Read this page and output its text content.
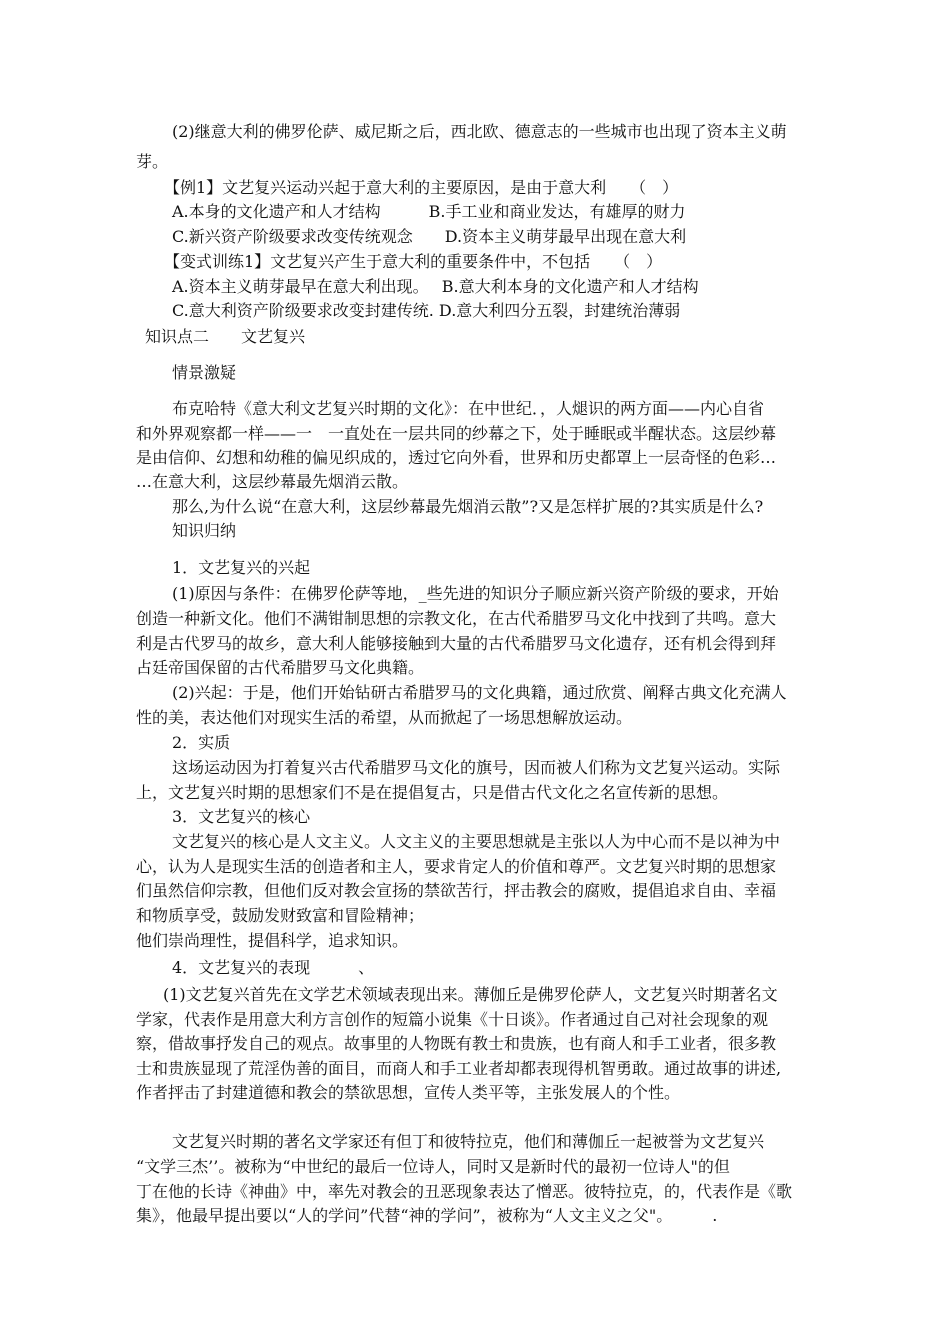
(2)继意大利的佛罗伦萨、威尼斯之后，西北欧、德意志的一些城市也出现了资本主义萌
芽。
【例1】文艺复兴运动兴起于意大利的主要原因，是由于意大利　　（　）
A.本身的文化遗产和人才结构　　　B.手工业和商业发达，有雄厚的财力
C.新兴资产阶级要求改变传统观念　　D.资本主义萌芽最早出现在意大利
【变式训练1】文艺复兴产生于意大利的重要条件中，不包括　　（　）
A.资本主义萌芽最早在意大利出现。　 B.意大利本身的文化遗产和人才结构
C.意大利资产阶级要求改变封建传统. D.意大利四分五裂，封建统治薄弱
知识点二　　文艺复兴
情景激疑
布克哈特《意大利文艺复兴时期的文化》：在中世纪．，人煺识的两方面——内心自省
和外界观察都一样——一　一直处在一层共同的纱幕之下，处于睡眠或半醒状态。这层纱幕
是由信仰、幻想和幼稚的偏见织成的，透过它向外看，世界和历史都罩上一层奇怪的色彩…
…在意大利，这层纱幕最先烟消云散。
那么,为什么说“在意大利，这层纱幕最先烟消云散”?又是怎样扩展的?其实质是什么?
知识归纳
1．文艺复兴的兴起
(1)原因与条件：在佛罗伦萨等地，_些先进的知识分子顺应新兴资产阶级的要求，开始
创造一种新文化。他们不满钳制思想的宗教文化，在古代希腊罗马文化中找到了共鸣。意大
利是古代罗马的故乡，意大利人能够接触到大量的古代希腊罗马文化遗存，还有机会得到拜
占廷帝国保留的古代希腊罗马文化典籍。
(2)兴起：于是，他们开始钻研古希腊罗马的文化典籍，通过欣赏、阐释古典文化充满人
性的美，表达他们对现实生活的希望，从而掀起了一场思想解放运动。
2．实质
这场运动因为打着复兴古代希腊罗马文化的旗号，因而被人们称为文艺复兴运动。实际
上，文艺复兴时期的思想家们不是在提倡复古，只是借古代文化之名宣传新的思想。
3．文艺复兴的核心
文艺复兴的核心是人文主义。人文主义的主要思想就是主张以人为中心而不是以神为中
心，认为人是现实生活的创造者和主人，要求肯定人的价值和尊严。文艺复兴时期的思想家
们虽然信仰宗教，但他们反对教会宣扬的禁欲苦行，抨击教会的腐败，提倡追求自由、幸福
和物质享受，鼓励发财致富和冒险精神；
他们崇尚理性，提倡科学，追求知识。
4．文艺复兴的表现　　　、
(1)文艺复兴首先在文学艺术领域表现出来。薄伽丘是佛罗伦萨人，文艺复兴时期著名文
学家，代表作是用意大利方言创作的短篇小说集《十日谈》。作者通过自己对社会现象的观
察，借故事抒发自己的观点。故事里的人物既有教士和贵族，也有商人和手工业者，很多教
士和贵族显现了荒淫伪善的面目，而商人和手工业者却都表现得机智勇敢。通过故事的讲述,
作者抨击了封建道德和教会的禁欲思想，宣传人类平等，主张发展人的个性。
文艺复兴时期的著名文学家还有但丁和彼特拉克，他们和薄伽丘一起被誉为文艺复兴
“文学三杰’’。被称为“中世纪的最后一位诗人，同时又是新时代的最初一位诗人"的但
丁在他的长诗《神曲》中，率先对教会的丑恶现象表达了憎恶。彼特拉克，的，代表作是《歌
集》，他最早提出要以“人的学问”代替“神的学问”，被称为“人文主义之父"。　　　.
